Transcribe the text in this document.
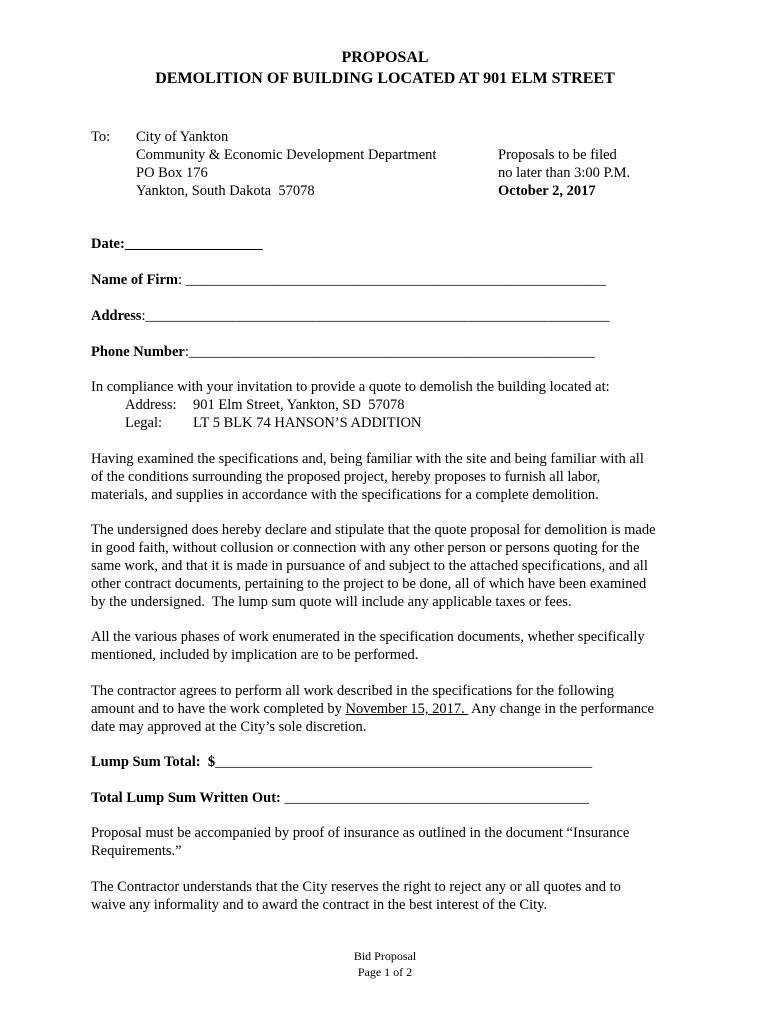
PROPOSAL
DEMOLITION OF BUILDING LOCATED AT 901 ELM STREET
To: City of Yankton
Community & Economic Development Department
PO Box 176
Yankton, South Dakota  57078
Proposals to be filed
no later than 3:00 P.M.
October 2, 2017
Date:___________________
Name of Firm: __________________________________________________________
Address:________________________________________________________________
Phone Number:________________________________________________________
In compliance with your invitation to provide a quote to demolish the building located at:
Address: 901 Elm Street, Yankton, SD  57078
Legal: LT 5 BLK 74 HANSON’S ADDITION
Having examined the specifications and, being familiar with the site and being familiar with all
of the conditions surrounding the proposed project, hereby proposes to furnish all labor,
materials, and supplies in accordance with the specifications for a complete demolition.
The undersigned does hereby declare and stipulate that the quote proposal for demolition is made
in good faith, without collusion or connection with any other person or persons quoting for the
same work, and that it is made in pursuance of and subject to the attached specifications, and all
other contract documents, pertaining to the project to be done, all of which have been examined
by the undersigned.  The lump sum quote will include any applicable taxes or fees.
All the various phases of work enumerated in the specification documents, whether specifically
mentioned, included by implication are to be performed.
The contractor agrees to perform all work described in the specifications for the following
amount and to have the work completed by November 15, 2017.  Any change in the performance
date may approved at the City’s sole discretion.
Lump Sum Total:  $____________________________________________________
Total Lump Sum Written Out: __________________________________________
Proposal must be accompanied by proof of insurance as outlined in the document “Insurance
Requirements.”
The Contractor understands that the City reserves the right to reject any or all quotes and to
waive any informality and to award the contract in the best interest of the City.
Bid Proposal
Page 1 of 2
